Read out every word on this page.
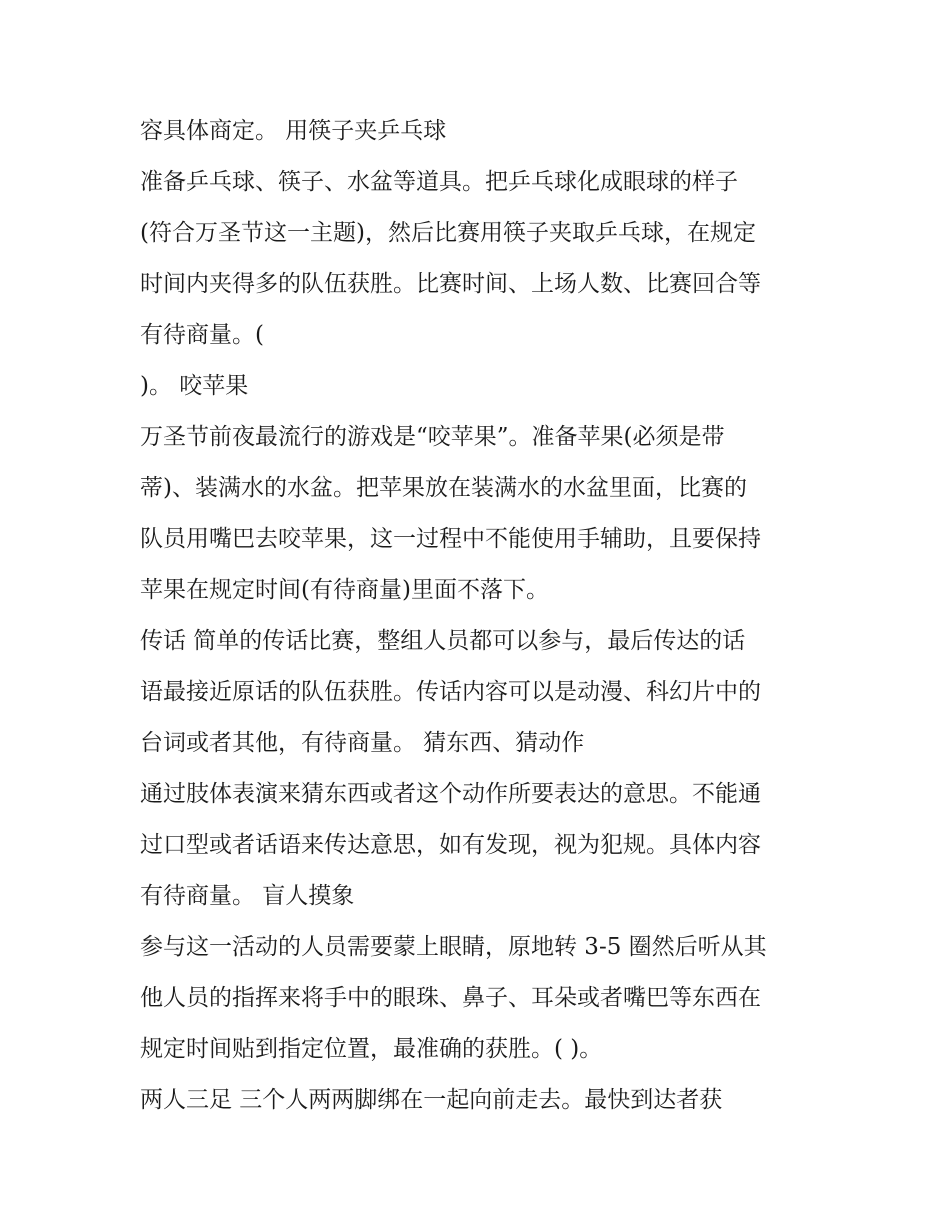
容具体商定。 用筷子夹乒乓球
准备乒乓球、筷子、水盆等道具。把乒乓球化成眼球的样子
(符合万圣节这一主题)，然后比赛用筷子夹取乒乓球，在规定
时间内夹得多的队伍获胜。比赛时间、上场人数、比赛回合等
有待商量。(
)。 咬苹果
万圣节前夜最流行的游戏是“咬苹果”。准备苹果(必须是带
蒂)、装满水的水盆。把苹果放在装满水的水盆里面，比赛的
队员用嘴巴去咬苹果，这一过程中不能使用手辅助，且要保持
苹果在规定时间(有待商量)里面不落下。
传话 简单的传话比赛，整组人员都可以参与，最后传达的话
语最接近原话的队伍获胜。传话内容可以是动漫、科幻片中的
台词或者其他，有待商量。 猜东西、猜动作
通过肢体表演来猜东西或者这个动作所要表达的意思。不能通
过口型或者话语来传达意思，如有发现，视为犯规。具体内容
有待商量。 盲人摸象
参与这一活动的人员需要蒙上眼睛，原地转 3-5 圈然后听从其
他人员的指挥来将手中的眼珠、鼻子、耳朵或者嘴巴等东西在
规定时间贴到指定位置，最准确的获胜。( )。
两人三足 三个人两两脚绑在一起向前走去。最快到达者获
